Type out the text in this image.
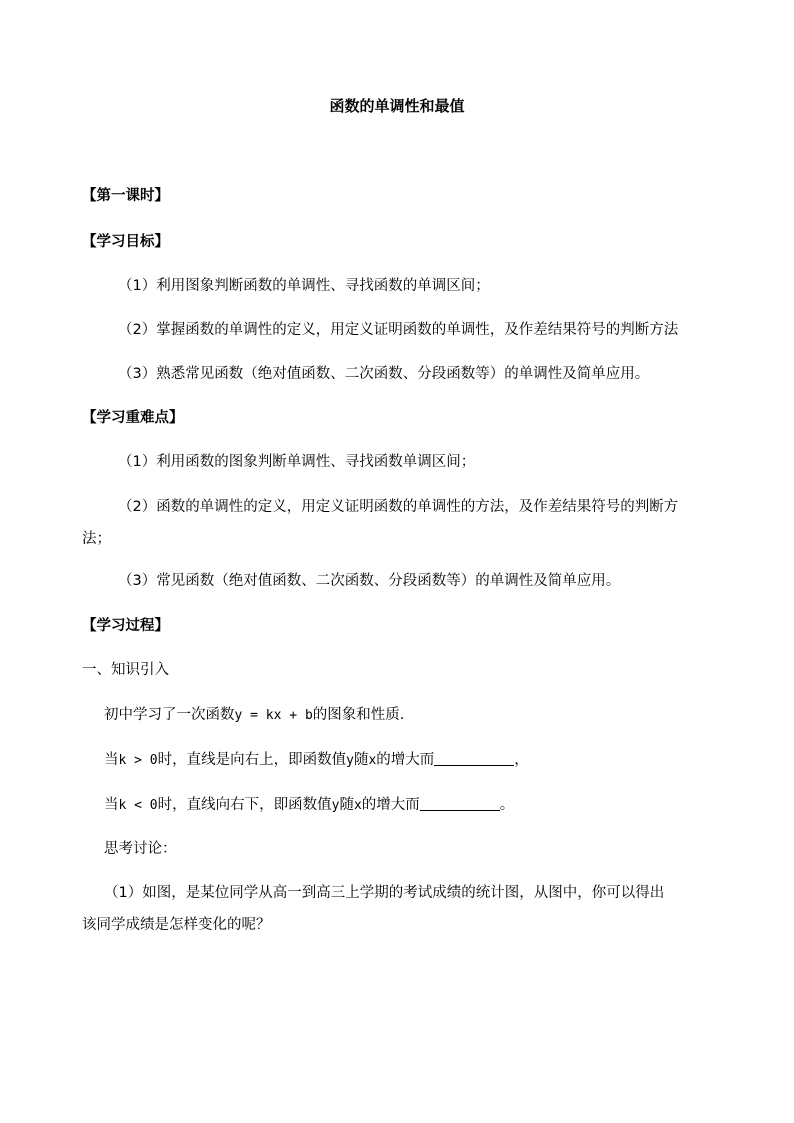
函数的单调性和最值
【第一课时】
【学习目标】
（1）利用图象判断函数的单调性、寻找函数的单调区间；
（2）掌握函数的单调性的定义，用定义证明函数的单调性，及作差结果符号的判断方法
（3）熟悉常见函数（绝对值函数、二次函数、分段函数等）的单调性及简单应用。
【学习重难点】
（1）利用函数的图象判断单调性、寻找函数单调区间；
（2）函数的单调性的定义，用定义证明函数的单调性的方法，及作差结果符号的判断方
法；
（3）常见函数（绝对值函数、二次函数、分段函数等）的单调性及简单应用。
【学习过程】
一、知识引入
初中学习了一次函数y = kx + b的图象和性质.
当k > 0时，直线是向右上，即函数值y随x的增大而	，
当k < 0时，直线向右下，即函数值y随x的增大而	。
思考讨论：
（1）如图，是某位同学从高一到高三上学期的考试成绩的统计图，从图中，你可以得出
该同学成绩是怎样变化的呢？
